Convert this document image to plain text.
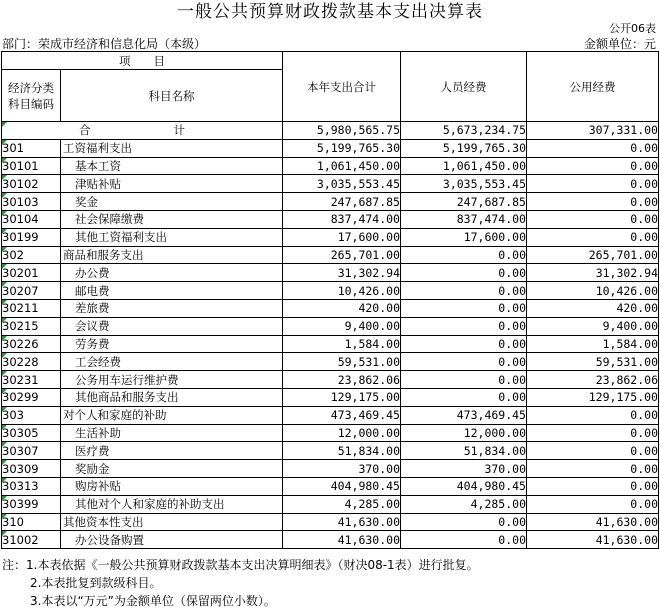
一般公共预算财政拨款基本支出决算表
公开06表
部门：荣成市经济和信息化局（本级）	金额单位：元
项　　目		本年支出合计	人员经费	公用经费
经济分类
科目编码	科目名称			

合　　计		5,980,565.75	5,673,234.75	307,331.00

301	工资福利支出	5,199,765.30	5,199,765.30	0.00

30101	基本工资	1,061,450.00	1,061,450.00	0.00

30102	津贴补贴	3,035,553.45	3,035,553.45	0.00

30103	奖金	247,687.85	247,687.85	0.00

30104	社会保障缴费	837,474.00	837,474.00	0.00

30199	其他工资福利支出	17,600.00	17,600.00	0.00

302	商品和服务支出	265,701.00	0.00	265,701.00

30201	办公费	31,302.94	0.00	31,302.94

30207	邮电费	10,426.00	0.00	10,426.00

30211	差旅费	420.00	0.00	420.00

30215	会议费	9,400.00	0.00	9,400.00

30226	劳务费	1,584.00	0.00	1,584.00

30228	工会经费	59,531.00	0.00	59,531.00

30231	公务用车运行维护费	23,862.06	0.00	23,862.06

30299	其他商品和服务支出	129,175.00	0.00	129,175.00

303	对个人和家庭的补助	473,469.45	473,469.45	0.00

30305	生活补助	12,000.00	12,000.00	0.00

30307	医疗费	51,834.00	51,834.00	0.00

30309	奖励金	370.00	370.00	0.00

30313	购房补贴	404,980.45	404,980.45	0.00

30399	其他对个人和家庭的补助支出	4,285.00	4,285.00	0.00

310	其他资本性支出	41,630.00	0.00	41,630.00

31002	办公设备购置	41,630.00	0.00	41,630.00
注：1.本表依据《一般公共预算财政拨款基本支出决算明细表》（财决08-1表）进行批复。
2.本表批复到款级科目。
3.本表以“万元”为金额单位（保留两位小数）。
